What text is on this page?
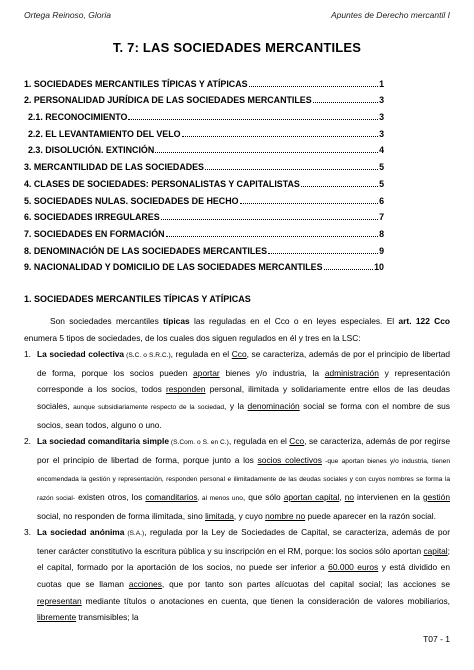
Ortega Reinoso, Gloria	Apuntes de Derecho mercantil I
T. 7: LAS SOCIEDADES MERCANTILES
1. SOCIEDADES MERCANTILES TÍPICAS Y ATÍPICAS	1
2. PERSONALIDAD JURÍDICA DE LAS SOCIEDADES MERCANTILES	3
2.1. RECONOCIMIENTO	3
2.2. EL LEVANTAMIENTO DEL VELO	3
2.3. DISOLUCIÓN. EXTINCIÓN	4
3. MERCANTILIDAD DE LAS SOCIEDADES	5
4. CLASES DE SOCIEDADES: PERSONALISTAS Y CAPITALISTAS	5
5. SOCIEDADES NULAS. SOCIEDADES DE HECHO	6
6. SOCIEDADES IRREGULARES	7
7. SOCIEDADES EN FORMACIÓN	8
8. DENOMINACIÓN DE LAS SOCIEDADES MERCANTILES	9
9. NACIONALIDAD Y DOMICILIO DE LAS SOCIEDADES MERCANTILES	10
1. SOCIEDADES MERCANTILES TÍPICAS Y ATÍPICAS

Son sociedades mercantiles típicas las reguladas en el Cco o en leyes especiales. El art. 122 Cco enumera 5 tipos de sociedades, de los cuales dos siguen regulados en él y tres en la LSC:

1. La sociedad colectiva (S.C. o S.R.C.), regulada en el Cco, se caracteriza, además de por el principio de libertad de forma, porque los socios pueden aportar bienes y/o industria, la administración y representación corresponde a los socios, todos responden personal, ilimitada y solidariamente entre ellos de las deudas sociales, aunque subsidiariamente respecto de la sociedad, y la denominación social se forma con el nombre de sus socios, sean todos, alguno o uno.

2. La sociedad comanditaria simple (S.Com. o S. en C.), regulada en el Cco, se caracteriza, además de por regirse por el principio de libertad de forma, porque junto a los socios colectivos -que aportan bienes y/o industria, tienen encomendada la gestión y representación, responden personal e ilimitadamente de las deudas sociales y con cuyos nombres se forma la razón social- existen otros, los comanditarios, al menos uno, que sólo aportan capital, no intervienen en la gestión social, no responden de forma ilimitada, sino limitada, y cuyo nombre no puede aparecer en la razón social.

3. La sociedad anónima (S.A.), regulada por la Ley de Sociedades de Capital, se caracteriza, además de por tener carácter constitutivo la escritura pública y su inscripción en el RM, porque: los socios sólo aportan capital; el capital, formado por la aportación de los socios, no puede ser inferior a 60.000 euros y está dividido en cuotas que se llaman acciones, que por tanto son partes alícuotas del capital social; las acciones se representan mediante títulos o anotaciones en cuenta, que tienen la consideración de valores mobiliarios, libremente transmisibles; la

T07 - 1
